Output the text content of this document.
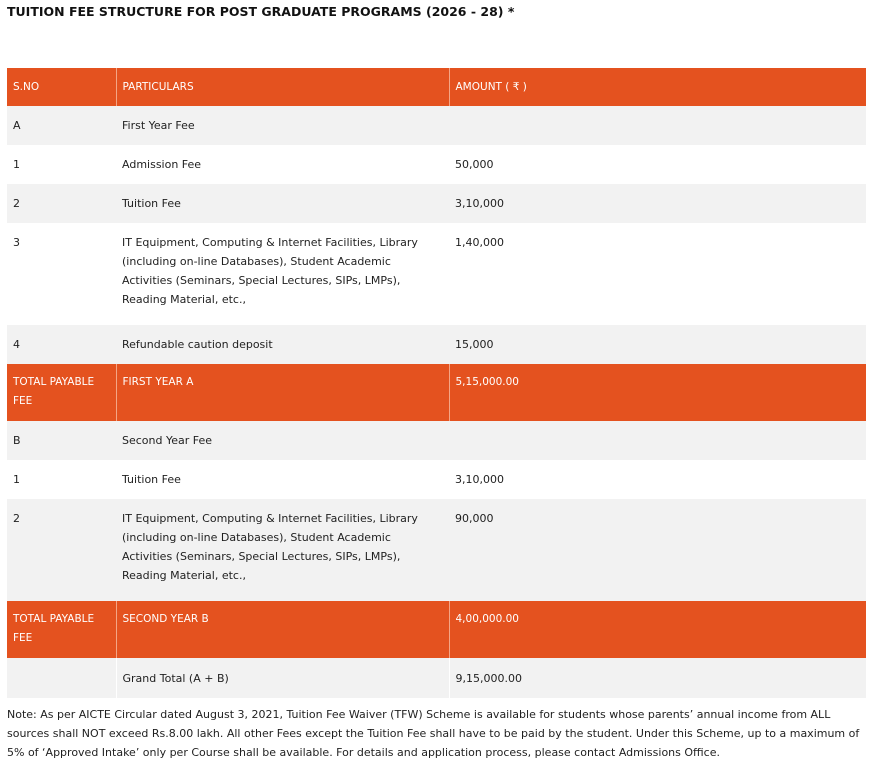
TUITION FEE STRUCTURE FOR POST GRADUATE PROGRAMS (2026 - 28) *
S.NO	PARTICULARS	AMOUNT ( ₹ )
A	First Year Fee	
1	Admission Fee	50,000
2	Tuition Fee	3,10,000
3	IT Equipment, Computing & Internet Facilities, Library (including on-line Databases), Student Academic Activities (Seminars, Special Lectures, SIPs, LMPs), Reading Material, etc.,	1,40,000
4	Refundable caution deposit	15,000
TOTAL PAYABLE FEE	FIRST YEAR A	5,15,000.00
B	Second Year Fee	
1	Tuition Fee	3,10,000
2	IT Equipment, Computing & Internet Facilities, Library (including on-line Databases), Student Academic Activities (Seminars, Special Lectures, SIPs, LMPs), Reading Material, etc.,	90,000
TOTAL PAYABLE FEE	SECOND YEAR B	4,00,000.00
	Grand Total (A + B)	9,15,000.00
Note: As per AICTE Circular dated August 3, 2021, Tuition Fee Waiver (TFW) Scheme is available for students whose parents’ annual income from ALL sources shall NOT exceed Rs.8.00 lakh. All other Fees except the Tuition Fee shall have to be paid by the student. Under this Scheme, up to a maximum of 5% of ‘Approved Intake’ only per Course shall be available. For details and application process, please contact Admissions Office.
